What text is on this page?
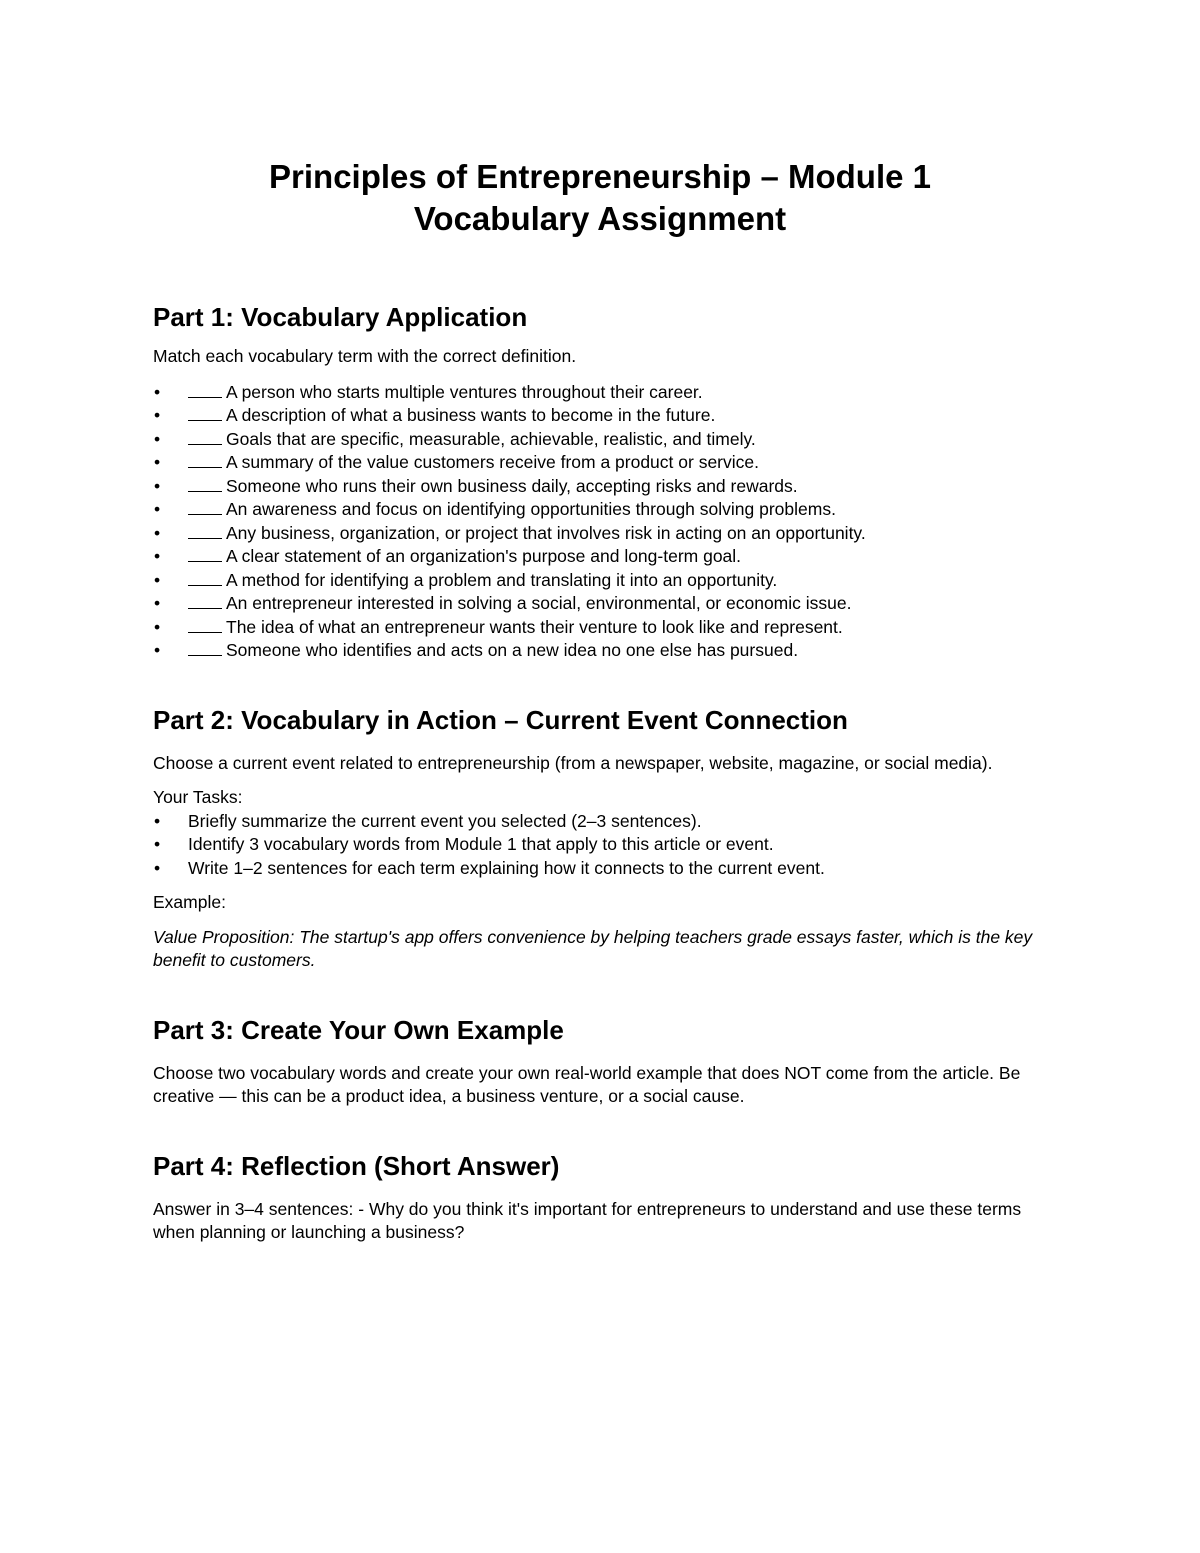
Principles of Entrepreneurship – Module 1

Vocabulary Assignment

Part 1: Vocabulary Application

Match each vocabulary term with the correct definition.

•	A person who starts multiple ventures throughout their career.
•	A description of what a business wants to become in the future.
•	Goals that are specific, measurable, achievable, realistic, and timely.
•	A summary of the value customers receive from a product or service.
•	Someone who runs their own business daily, accepting risks and rewards.
•	An awareness and focus on identifying opportunities through solving problems.
•	Any business, organization, or project that involves risk in acting on an opportunity.
•	A clear statement of an organization's purpose and long-term goal.
•	A method for identifying a problem and translating it into an opportunity.
•	An entrepreneur interested in solving a social, environmental, or economic issue.
•	The idea of what an entrepreneur wants their venture to look like and represent.
•	Someone who identifies and acts on a new idea no one else has pursued.
Part 2: Vocabulary in Action – Current Event Connection

Choose a current event related to entrepreneurship (from a newspaper, website, magazine, or social media).

Your Tasks:

• Briefly summarize the current event you selected (2–3 sentences).
• Identify 3 vocabulary words from Module 1 that apply to this article or event.
• Write 1–2 sentences for each term explaining how it connects to the current event.

Example:

Value Proposition: The startup's app offers convenience by helping teachers grade essays faster, which is the key benefit to customers.

Part 3: Create Your Own Example

Choose two vocabulary words and create your own real-world example that does NOT come from the article. Be creative — this can be a product idea, a business venture, or a social cause.

Part 4: Reflection (Short Answer)

Answer in 3–4 sentences: - Why do you think it's important for entrepreneurs to understand and use these terms when planning or launching a business?
